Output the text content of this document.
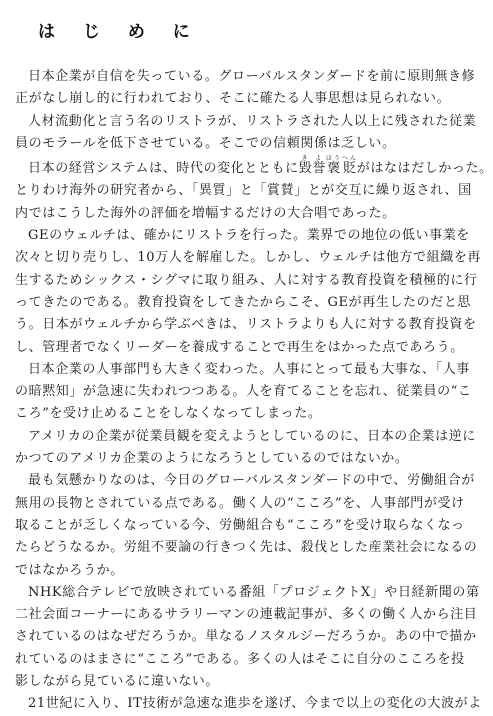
は じ め に

日本企業が自信を失っている。グローバルスタンダードを前に原則無き修
正がなし崩し的に行われており、そこに確たる人事思想は見られない。

人材流動化と言う名のリストラが、リストラされた人以上に残された従業
員のモラールを低下させている。そこでの信頼関係は乏しい。

日本の経営システムは、時代の変化とともに毀き誉よ褒ほう貶へんがはなはだしかった。
とりわけ海外の研究者から、「異質」と「賞賛」とが交互に繰り返され、国
内ではこうした海外の評価を増幅するだけの大合唱であった。

GEのウェルチは、確かにリストラを行った。業界での地位の低い事業を
次々と切り売りし、10万人を解雇した。しかし、ウェルチは他方で組織を再
生するためシックス・シグマに取り組み、人に対する教育投資を積極的に行
ってきたのである。教育投資をしてきたからこそ、GEが再生したのだと思
う。日本がウェルチから学ぶべきは、リストラよりも人に対する教育投資を
し、管理者でなくリーダーを養成することで再生をはかった点であろう。

日本企業の人事部門も大きく変わった。人事にとって最も大事な、「人事
の暗黙知」が急速に失われつつある。人を育てることを忘れ、従業員の“こ
ころ”を受け止めることをしなくなってしまった。

アメリカの企業が従業員観を変えようとしているのに、日本の企業は逆に
かつてのアメリカ企業のようになろうとしているのではないか。

最も気懸かりなのは、今日のグローバルスタンダードの中で、労働組合が
無用の長物とされている点である。働く人の“こころ”を、人事部門が受け
取ることが乏しくなっている今、労働組合も“こころ”を受け取らなくなっ
たらどうなるか。労組不要論の行きつく先は、殺伐とした産業社会になるの
ではなかろうか。

NHK総合テレビで放映されている番組「プロジェクトX」や日経新聞の第
二社会面コーナーにあるサラリーマンの連載記事が、多くの働く人から注目
されているのはなぜだろうか。単なるノスタルジーだろうか。あの中で描か
れているのはまさに“こころ”である。多くの人はそこに自分のこころを投
影しながら見ているに違いない。

21世紀に入り、IT技術が急速な進歩を遂げ、今まで以上の変化の大波がよ
